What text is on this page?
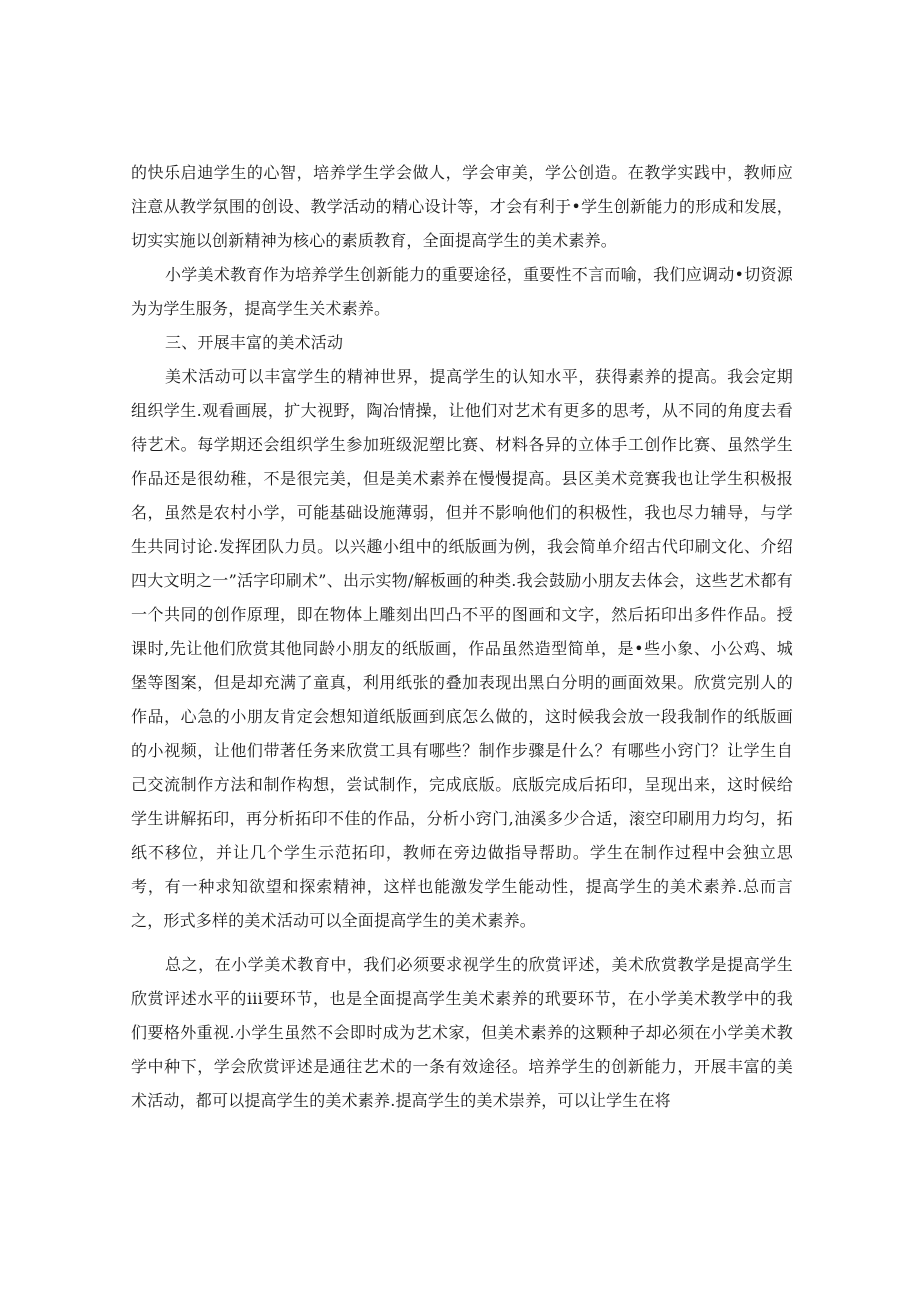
的快乐启迪学生的心智，培养学生学会做人，学会审美，学公创造。在教学实践中，教师应注意从教学氛围的创设、教学活动的精心设计等，才会有利于•学生创新能力的形成和发展，切实实施以创新精神为核心的素质教育，全面提高学生的美术素养。

小学美术教育作为培养学生创新能力的重要途径，重要性不言而喻，我们应调动•切资源为为学生服务，提高学生关术素养。

三、开展丰富的美术活动

美术活动可以丰富学生的精神世界，提高学生的认知水平，获得素养的提高。我会定期组织学生.观看画展，扩大视野，陶冶情操，让他们对艺术有更多的思考，从不同的角度去看待艺术。每学期还会组织学生参加班级泥塑比赛、材料各异的立体手工创作比赛、虽然学生作品还是很幼稚，不是很完美，但是美术素养在慢慢提高。县区美术竞赛我也让学生积极报名，虽然是农村小学，可能基础设施薄弱，但并不影响他们的积极性，我也尽力辅导，与学生共同讨论.发挥团队力员。以兴趣小组中的纸版画为例，我会简单介绍古代印刷文化、介绍四大文明之一”活字印刷术”、出示实物/解板画的种类.我会鼓励小朋友去体会，这些艺术都有一个共同的创作原理，即在物体上雕刻出凹凸不平的图画和文字，然后拓印出多件作品。授课时,先让他们欣赏其他同龄小朋友的纸版画，作品虽然造型简单，是•些小象、小公鸡、城堡等图案，但是却充满了童真，利用纸张的叠加表现出黑白分明的画面效果。欣赏完别人的作品，心急的小朋友肯定会想知道纸版画到底怎么做的，这时候我会放一段我制作的纸版画的小视频，让他们带著任务来欣赏工具有哪些？制作步骤是什么？有哪些小窍门？让学生自己交流制作方法和制作构想，尝试制作，完成底版。底版完成后拓印，呈现出来，这时候给学生讲解拓印，再分析拓印不佳的作品，分析小窍门,油溪多少合适，滚空印刷用力均匀，拓纸不移位，并让几个学生示范拓印，教师在旁边做指导帮助。学生在制作过程中会独立思考，有一种求知欲望和探索精神，这样也能激发学生能动性，提高学生的美术素养.总而言之，形式多样的美术活动可以全面提高学生的美术素养。

总之，在小学美术教育中，我们必须要求视学生的欣赏评述，美术欣赏教学是提高学生欣赏评述水平的iii要环节，也是全面提高学生美术素养的玳要环节，在小学美术教学中的我们要格外重视.小学生虽然不会即时成为艺术家，但美术素养的这颗种子却必须在小学美术教学中种下，学会欣赏评述是通往艺术的一条有效途径。培养学生的创新能力，开展丰富的美术活动，都可以提高学生的美术素养.提高学生的美术崇养，可以让学生在将
